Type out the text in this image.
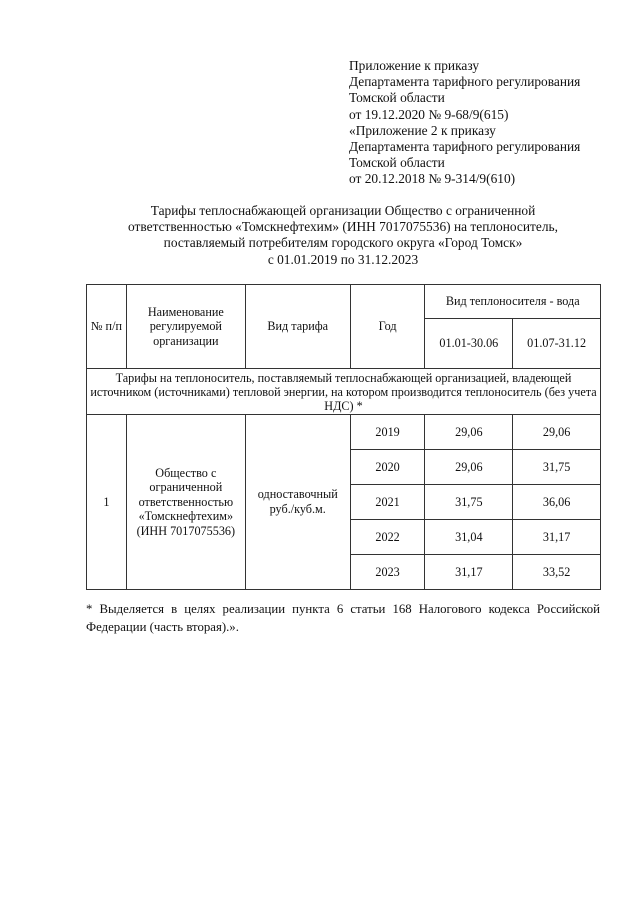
Приложение к приказу
Департамента тарифного регулирования
Томской области
от 19.12.2020 № 9-68/9(615)
«Приложение 2 к приказу
Департамента тарифного регулирования
Томской области
от 20.12.2018 № 9-314/9(610)
Тарифы теплоснабжающей организации Общество с ограниченной
ответственностью «Томскнефтехим» (ИНН 7017075536) на теплоноситель,
поставляемый потребителям городского округа «Город Томск»
с 01.01.2019 по 31.12.2023
№ п/п	Наименование регулируемой организации	Вид тарифа	Год	Вид теплоносителя - вода	
				01.01-30.06	01.07-31.12
Тарифы на теплоноситель, поставляемый теплоснабжающей организацией, владеющей источником (источниками) тепловой энергии, на котором производится теплоноситель (без учета НДС) *					
1	Общество с ограниченной ответственностью «Томскнефтехим» (ИНН 7017075536)	одноставочный руб./куб.м.	2019	29,06	29,06
			2020	29,06	31,75
			2021	31,75	36,06
			2022	31,04	31,17
			2023	31,17	33,52
* Выделяется в целях реализации пункта 6 статьи 168 Налогового кодекса Российской Федерации (часть вторая).».
